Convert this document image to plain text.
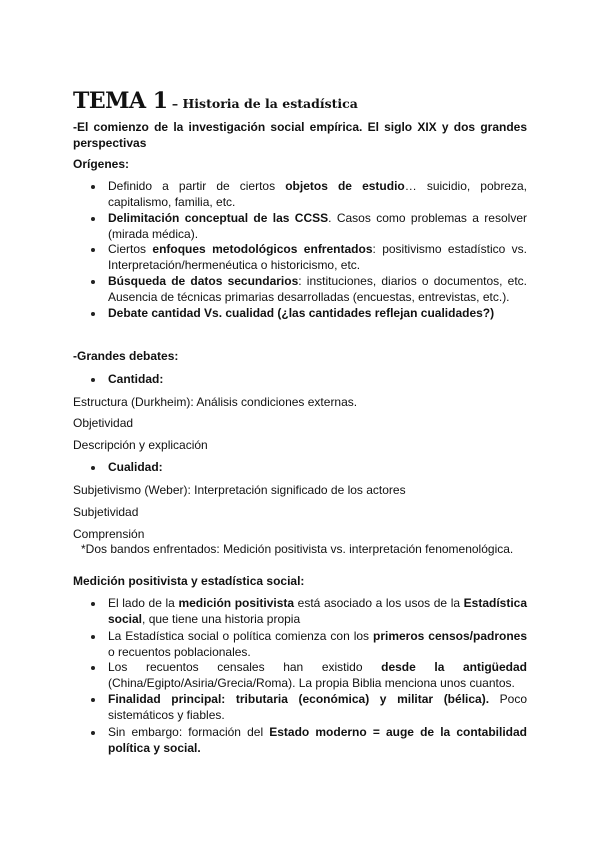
TEMA 1 – Historia de la estadística
-El comienzo de la investigación social empírica. El siglo XIX y dos grandes perspectivas
Orígenes:
Definido a partir de ciertos objetos de estudio… suicidio, pobreza, capitalismo, familia, etc.
Delimitación conceptual de las CCSS. Casos como problemas a resolver (mirada médica).
Ciertos enfoques metodológicos enfrentados: positivismo estadístico vs. Interpretación/hermenéutica o historicismo, etc.
Búsqueda de datos secundarios: instituciones, diarios o documentos, etc. Ausencia de técnicas primarias desarrolladas (encuestas, entrevistas, etc.).
Debate cantidad Vs. cualidad (¿las cantidades reflejan cualidades?)
-Grandes debates:
Cantidad:
Estructura (Durkheim): Análisis condiciones externas.
Objetividad
Descripción y explicación
Cualidad:
Subjetivismo (Weber): Interpretación significado de los actores
Subjetividad
Comprensión
*Dos bandos enfrentados: Medición positivista vs. interpretación fenomenológica.
Medición positivista y estadística social:
El lado de la medición positivista está asociado a los usos de la Estadística social, que tiene una historia propia
La Estadística social o política comienza con los primeros censos/padrones o recuentos poblacionales.
Los recuentos censales han existido desde la antigüedad (China/Egipto/Asiria/Grecia/Roma). La propia Biblia menciona unos cuantos.
Finalidad principal: tributaria (económica) y militar (bélica). Poco sistemáticos y fiables.
Sin embargo: formación del Estado moderno = auge de la contabilidad política y social.
